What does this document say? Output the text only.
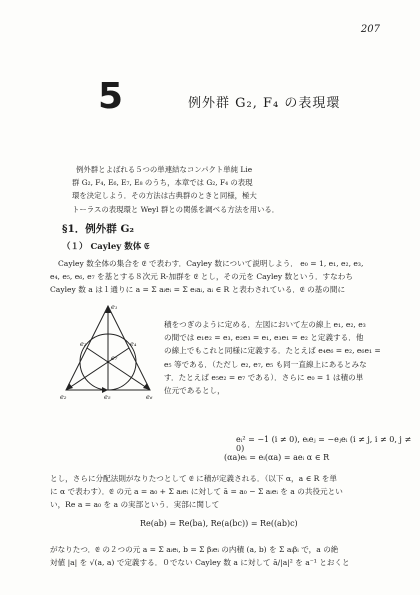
207
5	例外群 G₂, F₄ の表現環
例外群とよばれる５つの単連結なコンパクト単純 Lie
群 G₂, F₄, E₆, E₇, E₈ のうち，本章では G₂, F₄ の表現
環を決定しよう．その方法は古典群のときと同様，極大
トーラスの表現環と Weyl 群との関係を調べる方法を用いる．
§1．例外群 G₂
（１） Cayley 数体 𝔈
Cayley 数全体の集合を 𝔈 で表わす．Cayley 数について説明しよう． e₀ = 1, e₁, e₂, e₃,
e₄, e₅, e₆, e₇ を基とする８次元 R-加群を 𝔈 とし，その元を Cayley 数という．すなわち
Cayley 数 a は１通りに a = Σ aᵢeᵢ = Σ eᵢaᵢ, aᵢ ∈ R と表わされている．𝔈 の基の間に
e₁
e₂
e₃	e₄
e₅	e₆
e₇
積をつぎのように定める．左図において左の線上 e₁, e₂, e₃
の間では e₁e₂ = e₃, e₂e₃ = e₁, e₃e₁ = e₂ と定義する．他
の線上でもこれと同様に定義する．たとえば e₄e₆ = e₂, e₆e₁ =
e₅ 等である．（ただし e₂, e₇, e₅ も同一直線上にあるとみな
す．たとえば e₅e₂ = e₇ である）．さらに e₀ = 1 は積の単
位元であるとし，
eᵢ² = −1 (i ≠ 0), eᵢeⱼ = −eⱼeᵢ (i ≠ j, i ≠ 0, j ≠ 0)
(αa)eᵢ = eᵢ(αa) = aeᵢ α ∈ R
とし，さらに分配法則がなりたつとして 𝔈 に積が定義される．（以下 α，a ∈ R を単
に α で表わす）．𝔈 の元 a = a₀ + Σ aᵢeᵢ に対して ā = a₀ − Σ aᵢeᵢ を a の共役元とい
い，Re a = a₀ を a の実部という．実部に関して
Re(ab) = Re(ba), Re(a(bc)) = Re((ab)c)
がなりたつ．𝔈 の２つの元 a = Σ aᵢeᵢ, b = Σ βᵢeᵢ の内積 (a, b) を Σ aᵢβᵢ で，a の絶
対値 |a| を √(a, a) で定義する．０でない Cayley 数 a に対して ā/|a|² を a⁻¹ とおくと
